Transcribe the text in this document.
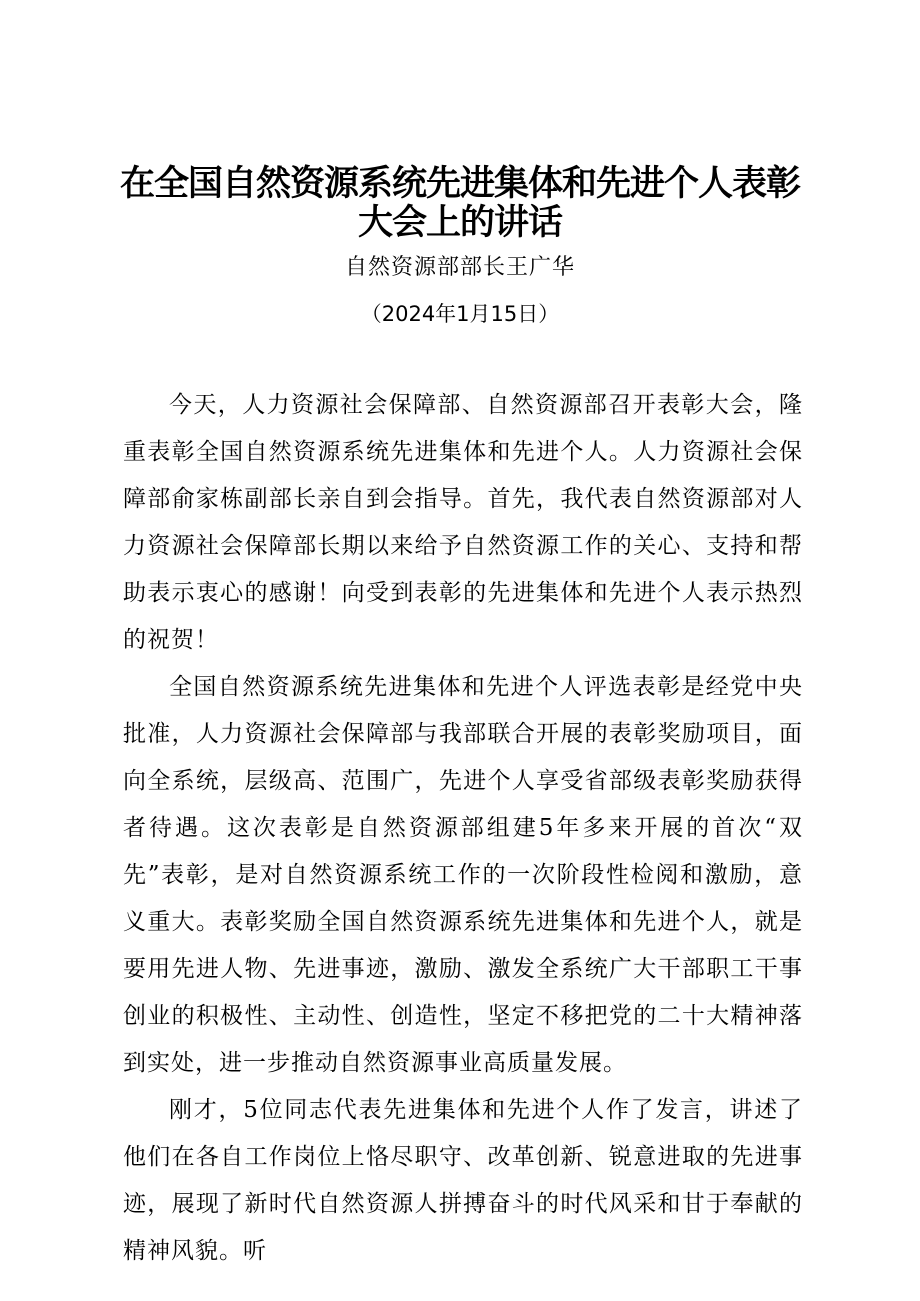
在全国自然资源系统先进集体和先进个人表彰
大会上的讲话
自然资源部部长王广华
（2024年1月15日）

今天，人力资源社会保障部、自然资源部召开表彰大会，隆重表彰全国自然资源系统先进集体和先进个人。人力资源社会保障部俞家栋副部长亲自到会指导。首先，我代表自然资源部对人力资源社会保障部长期以来给予自然资源工作的关心、支持和帮助表示衷心的感谢！向受到表彰的先进集体和先进个人表示热烈的祝贺！

全国自然资源系统先进集体和先进个人评选表彰是经党中央批准，人力资源社会保障部与我部联合开展的表彰奖励项目，面向全系统，层级高、范围广，先进个人享受省部级表彰奖励获得者待遇。这次表彰是自然资源部组建5年多来开展的首次“双先”表彰，是对自然资源系统工作的一次阶段性检阅和激励，意义重大。表彰奖励全国自然资源系统先进集体和先进个人，就是要用先进人物、先进事迹，激励、激发全系统广大干部职工干事创业的积极性、主动性、创造性，坚定不移把党的二十大精神落到实处，进一步推动自然资源事业高质量发展。

刚才，5位同志代表先进集体和先进个人作了发言，讲述了他们在各自工作岗位上恪尽职守、改革创新、锐意进取的先进事迹，展现了新时代自然资源人拼搏奋斗的时代风采和甘于奉献的精神风貌。听
